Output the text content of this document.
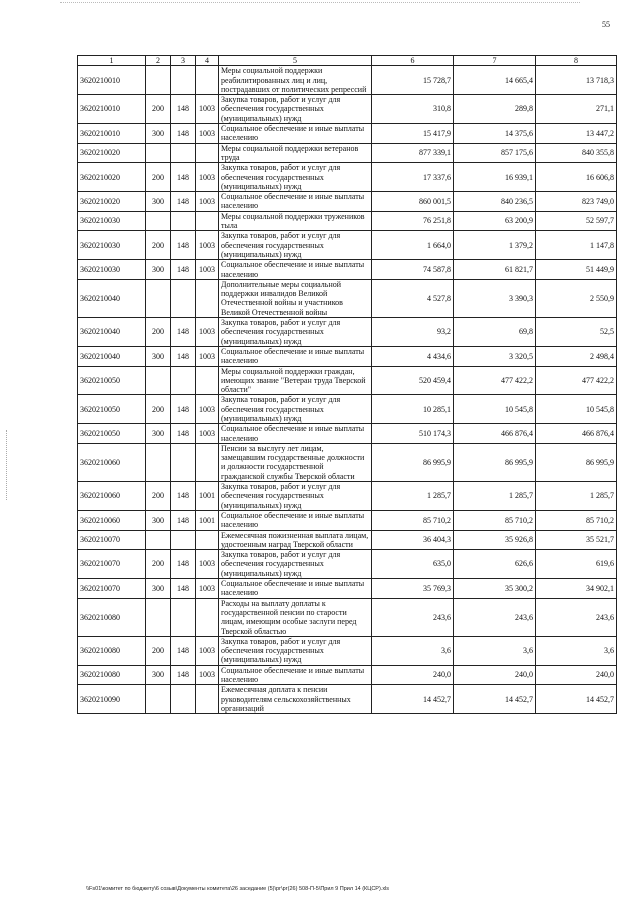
55
1	2	3	4	5	6	7	8
3620210010				Меры социальной поддержки реабилитированных лиц и лиц, пострадавших от политических репрессий	15 728,7	14 665,4	13 718,3
3620210010	200	148	1003	Закупка товаров, работ и услуг для обеспечения государственных (муниципальных) нужд	310,8	289,8	271,1
3620210010	300	148	1003	Социальное обеспечение и иные выплаты населению	15 417,9	14 375,6	13 447,2
3620210020				Меры социальной поддержки ветеранов труда	877 339,1	857 175,6	840 355,8
3620210020	200	148	1003	Закупка товаров, работ и услуг для обеспечения государственных (муниципальных) нужд	17 337,6	16 939,1	16 606,8
3620210020	300	148	1003	Социальное обеспечение и иные выплаты населению	860 001,5	840 236,5	823 749,0
3620210030				Меры социальной поддержки тружеников тыла	76 251,8	63 200,9	52 597,7
3620210030	200	148	1003	Закупка товаров, работ и услуг для обеспечения государственных (муниципальных) нужд	1 664,0	1 379,2	1 147,8
3620210030	300	148	1003	Социальное обеспечение и иные выплаты населению	74 587,8	61 821,7	51 449,9
3620210040				Дополнительные меры социальной поддержки инвалидов Великой Отечественной войны и участников Великой Отечественной войны	4 527,8	3 390,3	2 550,9
3620210040	200	148	1003	Закупка товаров, работ и услуг для обеспечения государственных (муниципальных) нужд	93,2	69,8	52,5
3620210040	300	148	1003	Социальное обеспечение и иные выплаты населению	4 434,6	3 320,5	2 498,4
3620210050				Меры социальной поддержки граждан, имеющих звание "Ветеран труда Тверской области"	520 459,4	477 422,2	477 422,2
3620210050	200	148	1003	Закупка товаров, работ и услуг для обеспечения государственных (муниципальных) нужд	10 285,1	10 545,8	10 545,8
3620210050	300	148	1003	Социальное обеспечение и иные выплаты населению	510 174,3	466 876,4	466 876,4
3620210060				Пенсии за выслугу лет лицам, замещавшим государственные должности и должности государственной гражданской службы Тверской области	86 995,9	86 995,9	86 995,9
3620210060	200	148	1001	Закупка товаров, работ и услуг для обеспечения государственных (муниципальных) нужд	1 285,7	1 285,7	1 285,7
3620210060	300	148	1001	Социальное обеспечение и иные выплаты населению	85 710,2	85 710,2	85 710,2
3620210070				Ежемесячная пожизненная выплата лицам, удостоенным наград Тверской области	36 404,3	35 926,8	35 521,7
3620210070	200	148	1003	Закупка товаров, работ и услуг для обеспечения государственных (муниципальных) нужд	635,0	626,6	619,6
3620210070	300	148	1003	Социальное обеспечение и иные выплаты населению	35 769,3	35 300,2	34 902,1
3620210080				Расходы на выплату доплаты к государственной пенсии по старости лицам, имеющим особые заслуги перед Тверской областью	243,6	243,6	243,6
3620210080	200	148	1003	Закупка товаров, работ и услуг для обеспечения государственных (муниципальных) нужд	3,6	3,6	3,6
3620210080	300	148	1003	Социальное обеспечение и иные выплаты населению	240,0	240,0	240,0
3620210090				Ежемесячная доплата к пенсии руководителям сельскохозяйственных организаций	14 452,7	14 452,7	14 452,7
\\Fs01\комитет по бюджету\6 созыв\Документы комитета\26 заседание (5)\рг\рг(26) 508-П-5\Прил 9 Прил 14 (КЦСР).xls
